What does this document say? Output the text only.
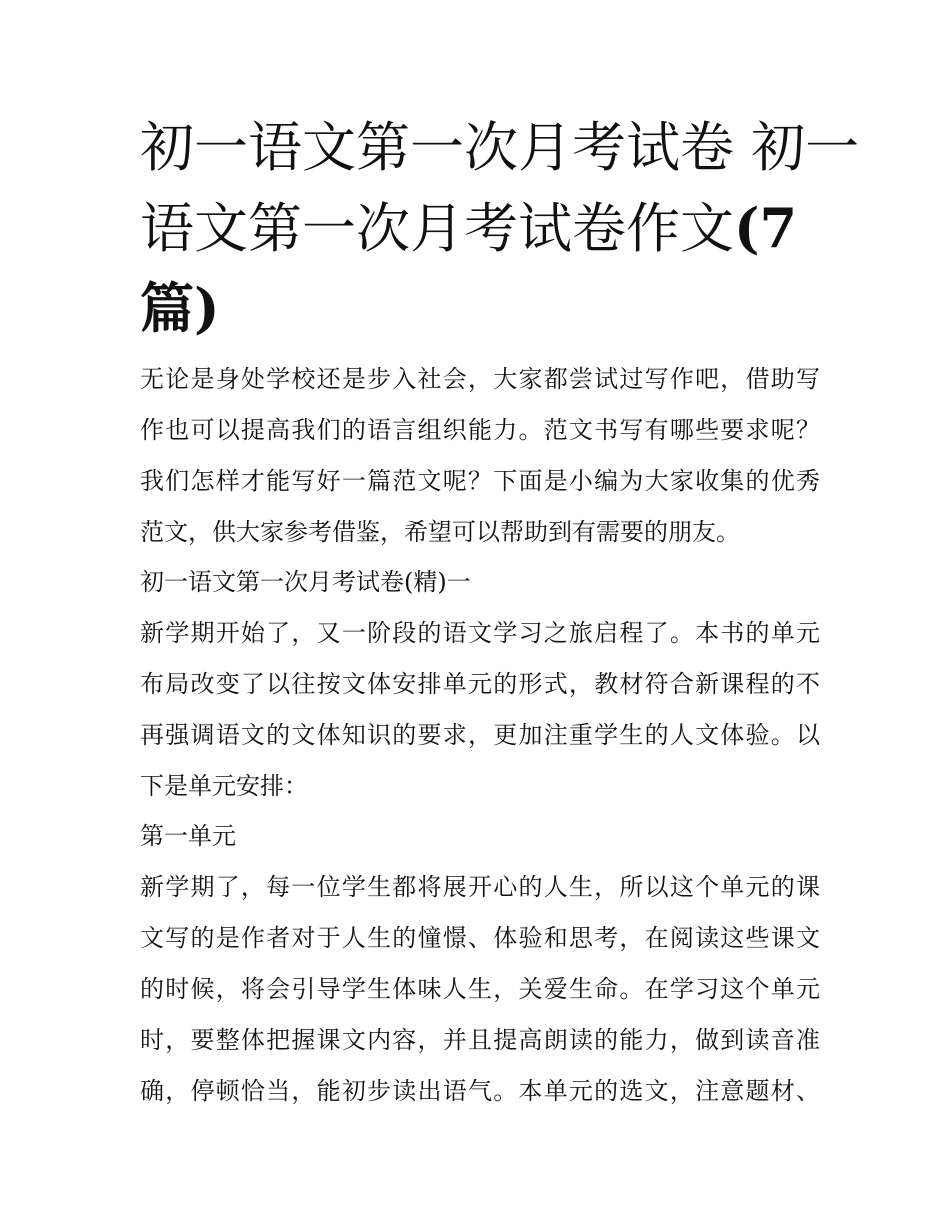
初一语文第一次月考试卷 初一
语文第一次月考试卷作文(7
篇)
无论是身处学校还是步入社会，大家都尝试过写作吧，借助写
作也可以提高我们的语言组织能力。范文书写有哪些要求呢？
我们怎样才能写好一篇范文呢？下面是小编为大家收集的优秀
范文，供大家参考借鉴，希望可以帮助到有需要的朋友。
初一语文第一次月考试卷(精)一
新学期开始了，又一阶段的语文学习之旅启程了。本书的单元
布局改变了以往按文体安排单元的形式，教材符合新课程的不
再强调语文的文体知识的要求，更加注重学生的人文体验。以
下是单元安排：
第一单元
新学期了，每一位学生都将展开心的人生，所以这个单元的课
文写的是作者对于人生的憧憬、体验和思考，在阅读这些课文
的时候，将会引导学生体味人生，关爱生命。在学习这个单元
时，要整体把握课文内容，并且提高朗读的能力，做到读音准
确，停顿恰当，能初步读出语气。本单元的选文，注意题材、
